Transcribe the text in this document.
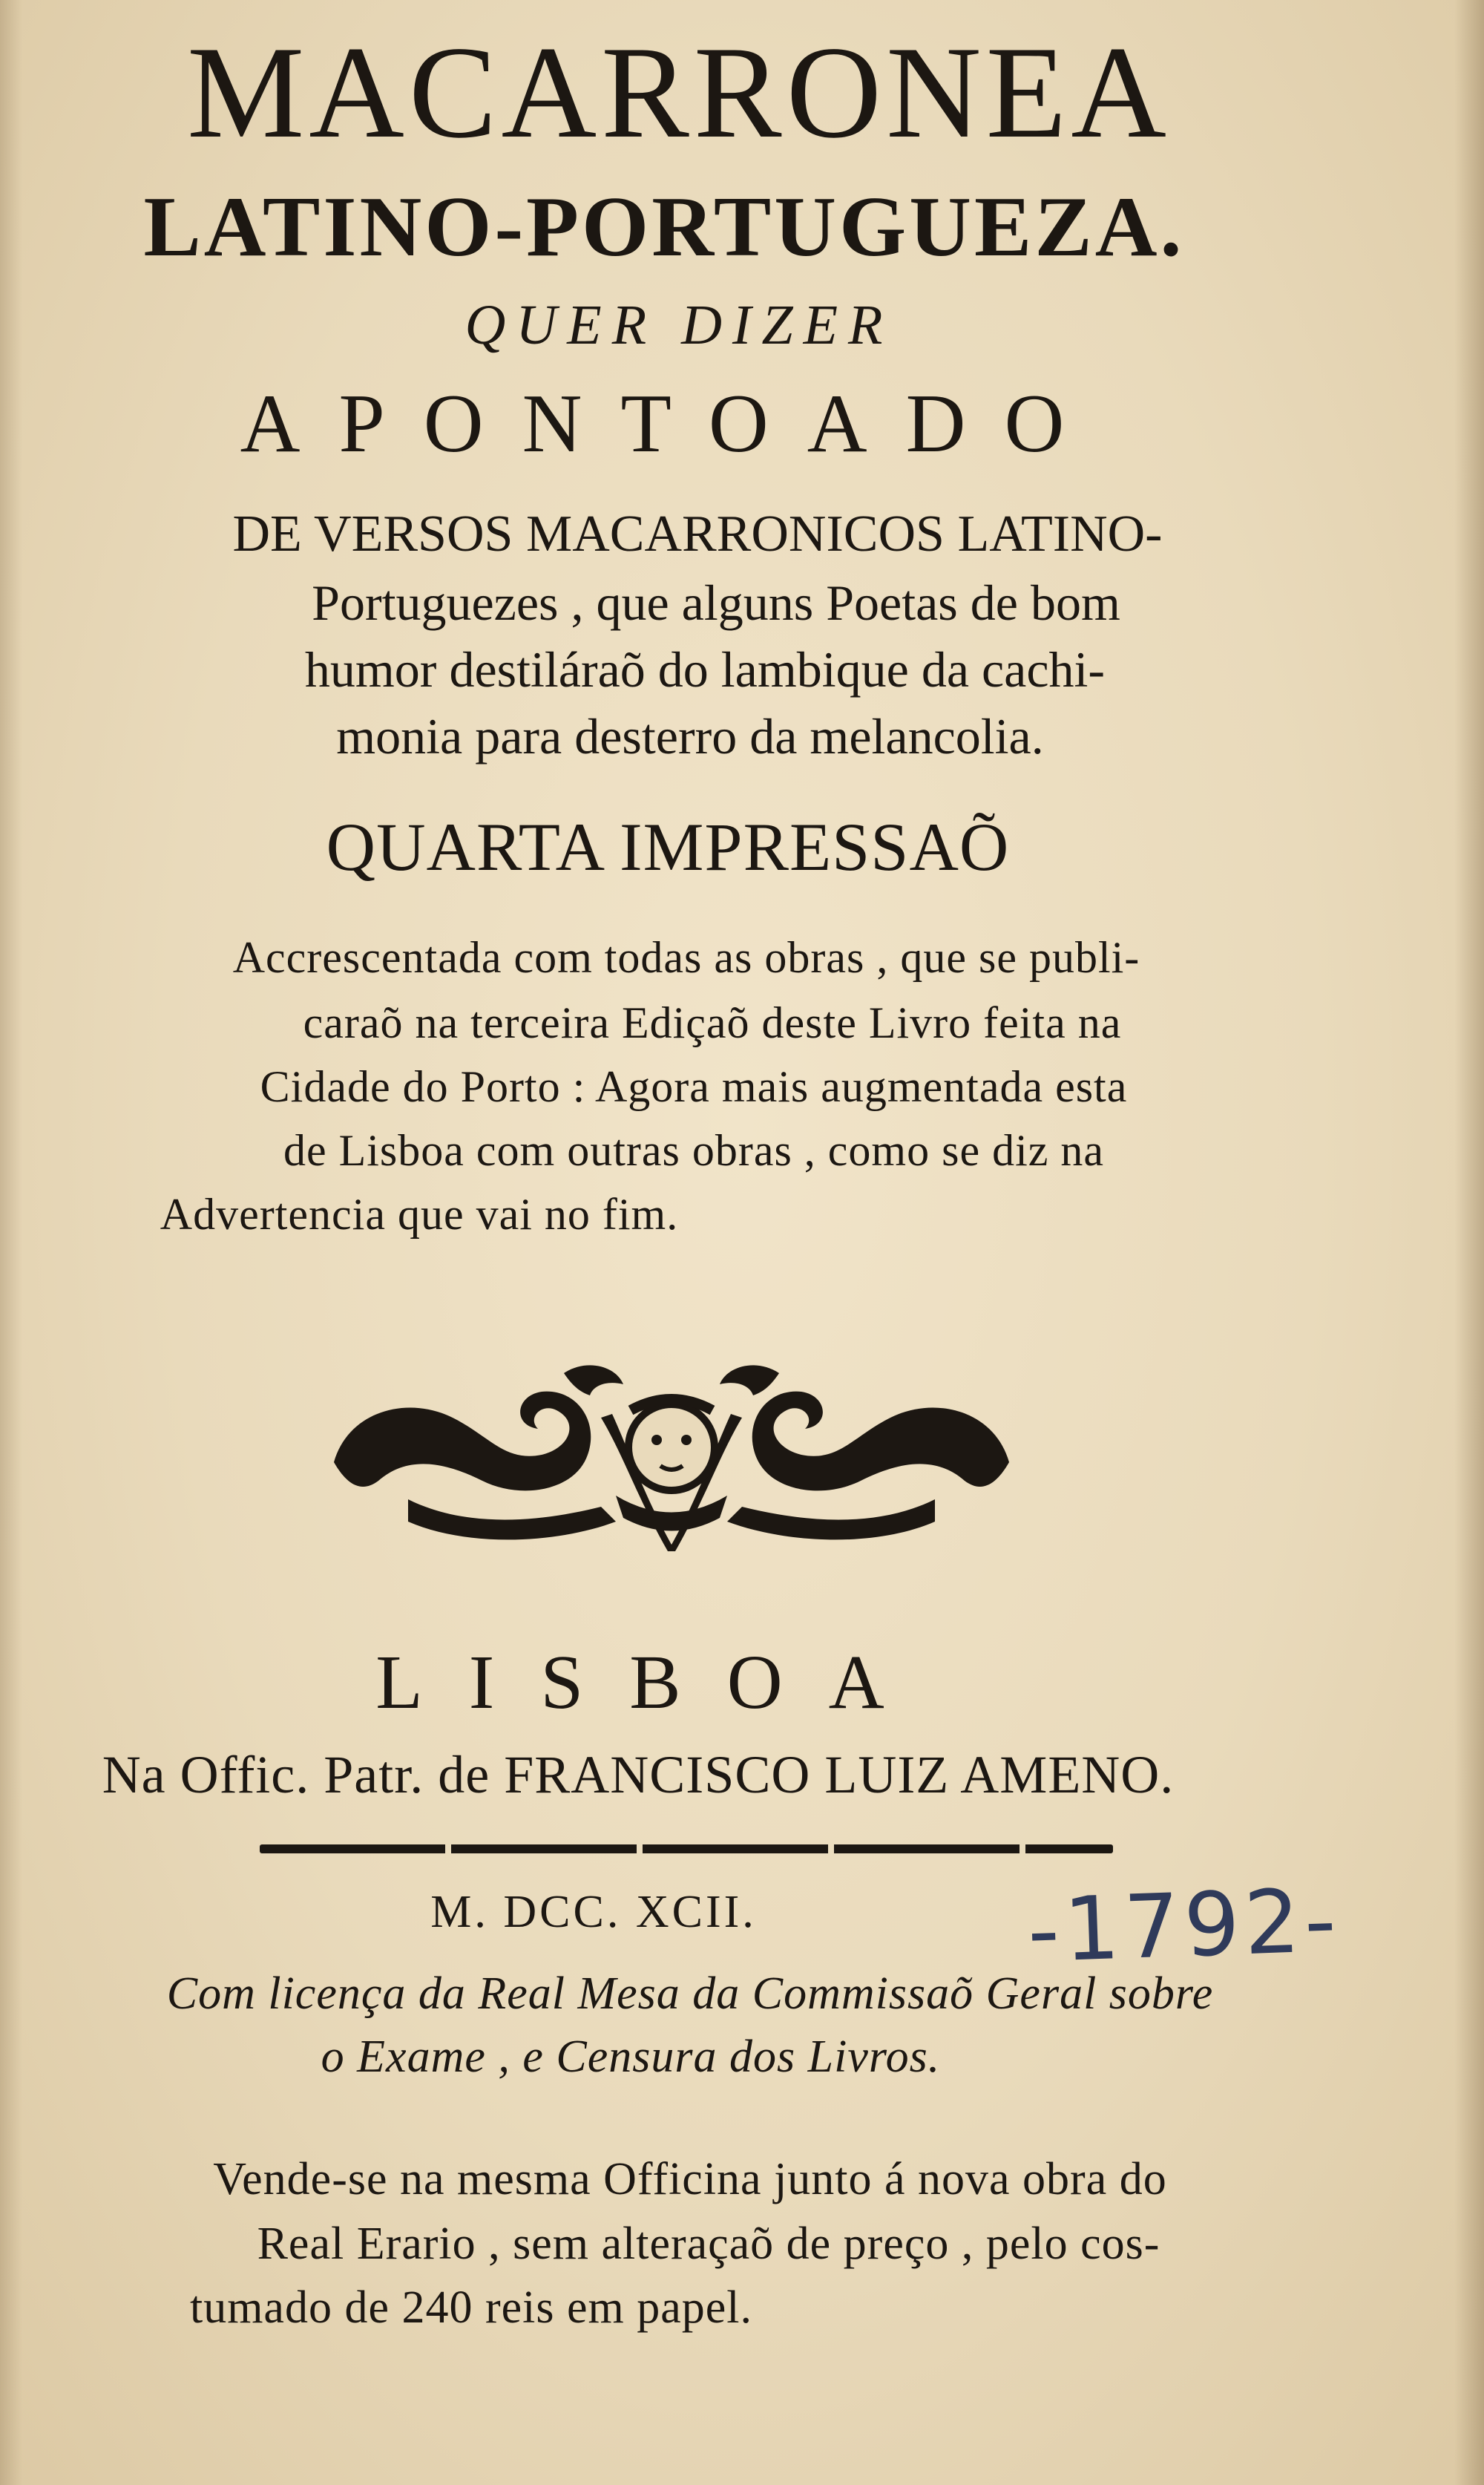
MACARRONEA
LATINO-PORTUGUEZA.
QUER DIZER
APONTOADO
DE VERSOS MACARRONICOS LATINO-
Portuguezes , que alguns Poetas de bom
humor destiláraõ do lambique da cachi-
monia para desterro da melancolia.
QUARTA IMPRESSAÕ
Accrescentada com todas as obras , que se publi-
caraõ na terceira Ediçaõ deste Livro feita na
Cidade do Porto : Agora mais augmentada esta
de Lisboa com outras obras , como se diz na
Advertencia que vai no fim.
LISBOA
Na Offic. Patr. de FRANCISCO LUIZ AMENO.
M. DCC. XCII.	-1792-
Com licença da Real Mesa da Commissaõ Geral sobre
o Exame , e Censura dos Livros.
Vende-se na mesma Officina junto á nova obra do
Real Erario , sem alteraçaõ de preço , pelo cos-
tumado de 240 reis em papel.
